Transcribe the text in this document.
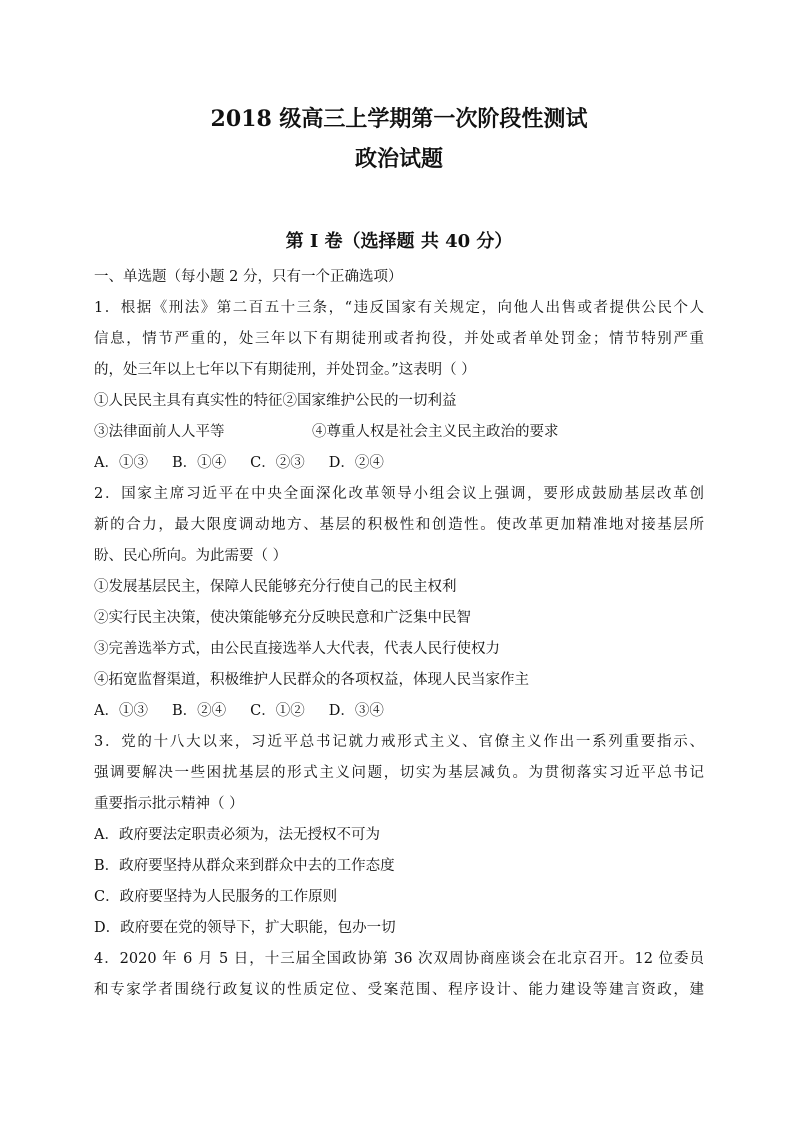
2018 级高三上学期第一次阶段性测试
政治试题
第 I 卷（选择题 共 40 分）
一、单选题（每小题 2 分，只有一个正确选项）
1．根据《刑法》第二百五十三条，“违反国家有关规定，向他人出售或者提供公民个人
信息，情节严重的，处三年以下有期徒刑或者拘役，并处或者单处罚金；情节特别严重
的，处三年以上七年以下有期徒刑，并处罚金。”这表明（ ）
①人民民主具有真实性的特征②国家维护公民的一切利益
③法律面前人人平等	④尊重人权是社会主义民主政治的要求
A．①③ B．①④ C．②③ D．②④
2．国家主席习近平在中央全面深化改革领导小组会议上强调，要形成鼓励基层改革创
新的合力，最大限度调动地方、基层的积极性和创造性。使改革更加精准地对接基层所
盼、民心所向。为此需要（ ）
①发展基层民主，保障人民能够充分行使自己的民主权利
②实行民主决策，使决策能够充分反映民意和广泛集中民智
③完善选举方式，由公民直接选举人大代表，代表人民行使权力
④拓宽监督渠道，积极维护人民群众的各项权益，体现人民当家作主
A．①③ B．②④ C．①② D．③④
3．党的十八大以来，习近平总书记就力戒形式主义、官僚主义作出一系列重要指示、
强调要解决一些困扰基层的形式主义问题，切实为基层减负。为贯彻落实习近平总书记
重要指示批示精神（ ）
A．政府要法定职责必须为，法无授权不可为
B．政府要坚持从群众来到群众中去的工作态度
C．政府要坚持为人民服务的工作原则
D．政府要在党的领导下，扩大职能，包办一切
4．2020 年 6 月 5 日，十三届全国政协第 36 次双周协商座谈会在北京召开。12 位委员
和专家学者围绕行政复议的性质定位、受案范围、程序设计、能力建设等建言资政，建
